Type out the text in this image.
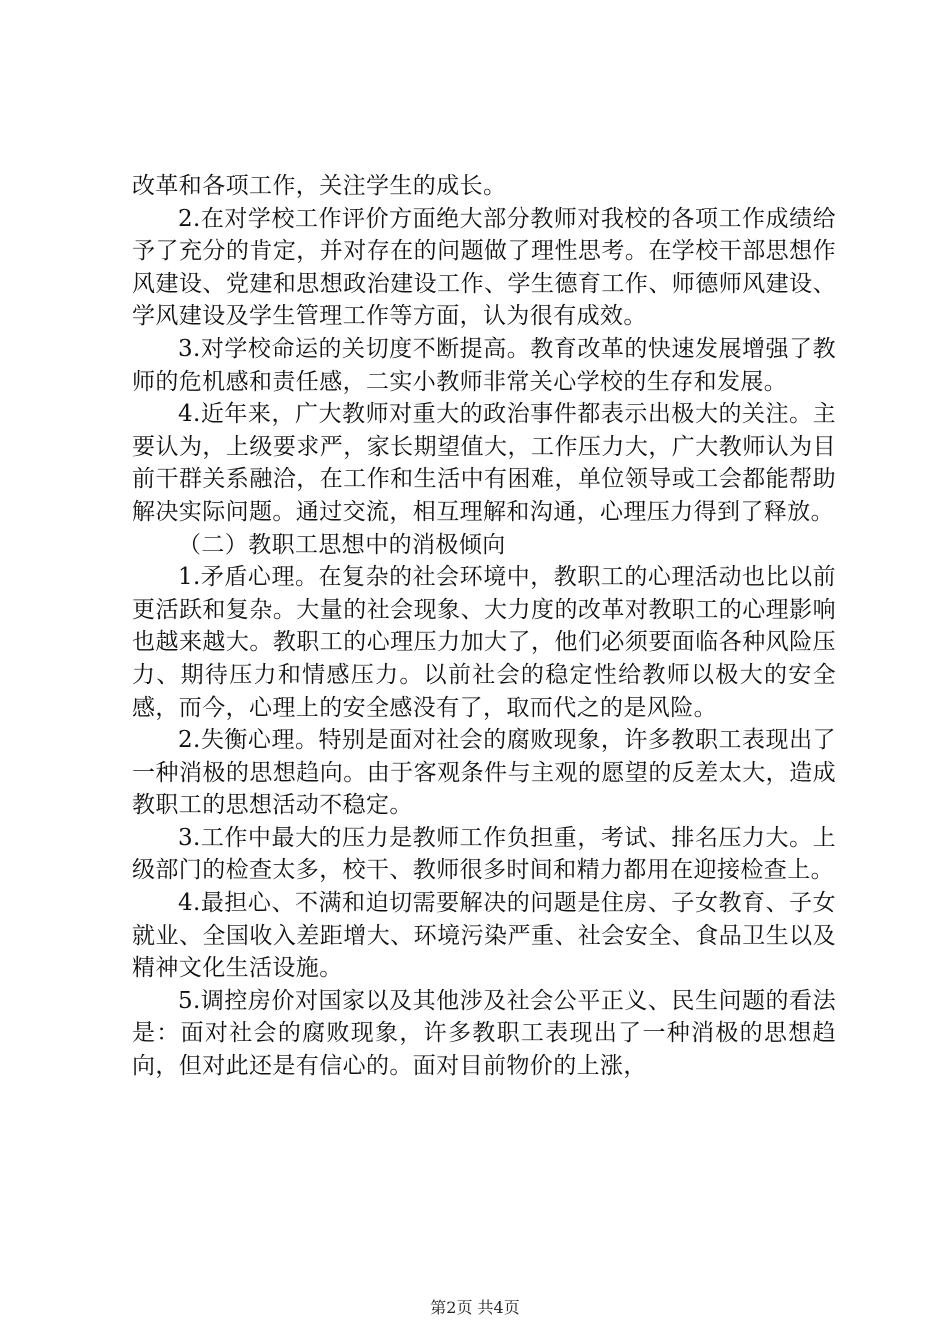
改革和各项工作，关注学生的成长。

2.在对学校工作评价方面绝大部分教师对我校的各项工作成绩给予了充分的肯定，并对存在的问题做了理性思考。在学校干部思想作风建设、党建和思想政治建设工作、学生德育工作、师德师风建设、学风建设及学生管理工作等方面，认为很有成效。

3.对学校命运的关切度不断提高。教育改革的快速发展增强了教师的危机感和责任感，二实小教师非常关心学校的生存和发展。

4.近年来，广大教师对重大的政治事件都表示出极大的关注。主要认为，上级要求严，家长期望值大，工作压力大，广大教师认为目前干群关系融洽，在工作和生活中有困难，单位领导或工会都能帮助解决实际问题。通过交流，相互理解和沟通，心理压力得到了释放。

（二）教职工思想中的消极倾向

1.矛盾心理。在复杂的社会环境中，教职工的心理活动也比以前更活跃和复杂。大量的社会现象、大力度的改革对教职工的心理影响也越来越大。教职工的心理压力加大了，他们必须要面临各种风险压力、期待压力和情感压力。以前社会的稳定性给教师以极大的安全感，而今，心理上的安全感没有了，取而代之的是风险。

2.失衡心理。特别是面对社会的腐败现象，许多教职工表现出了一种消极的思想趋向。由于客观条件与主观的愿望的反差太大，造成教职工的思想活动不稳定。

3.工作中最大的压力是教师工作负担重，考试、排名压力大。上级部门的检查太多，校干、教师很多时间和精力都用在迎接检查上。

4.最担心、不满和迫切需要解决的问题是住房、子女教育、子女就业、全国收入差距增大、环境污染严重、社会安全、食品卫生以及精神文化生活设施。

5.调控房价对国家以及其他涉及社会公平正义、民生问题的看法是：面对社会的腐败现象，许多教职工表现出了一种消极的思想趋向，但对此还是有信心的。面对目前物价的上涨，

第2页 共4页
